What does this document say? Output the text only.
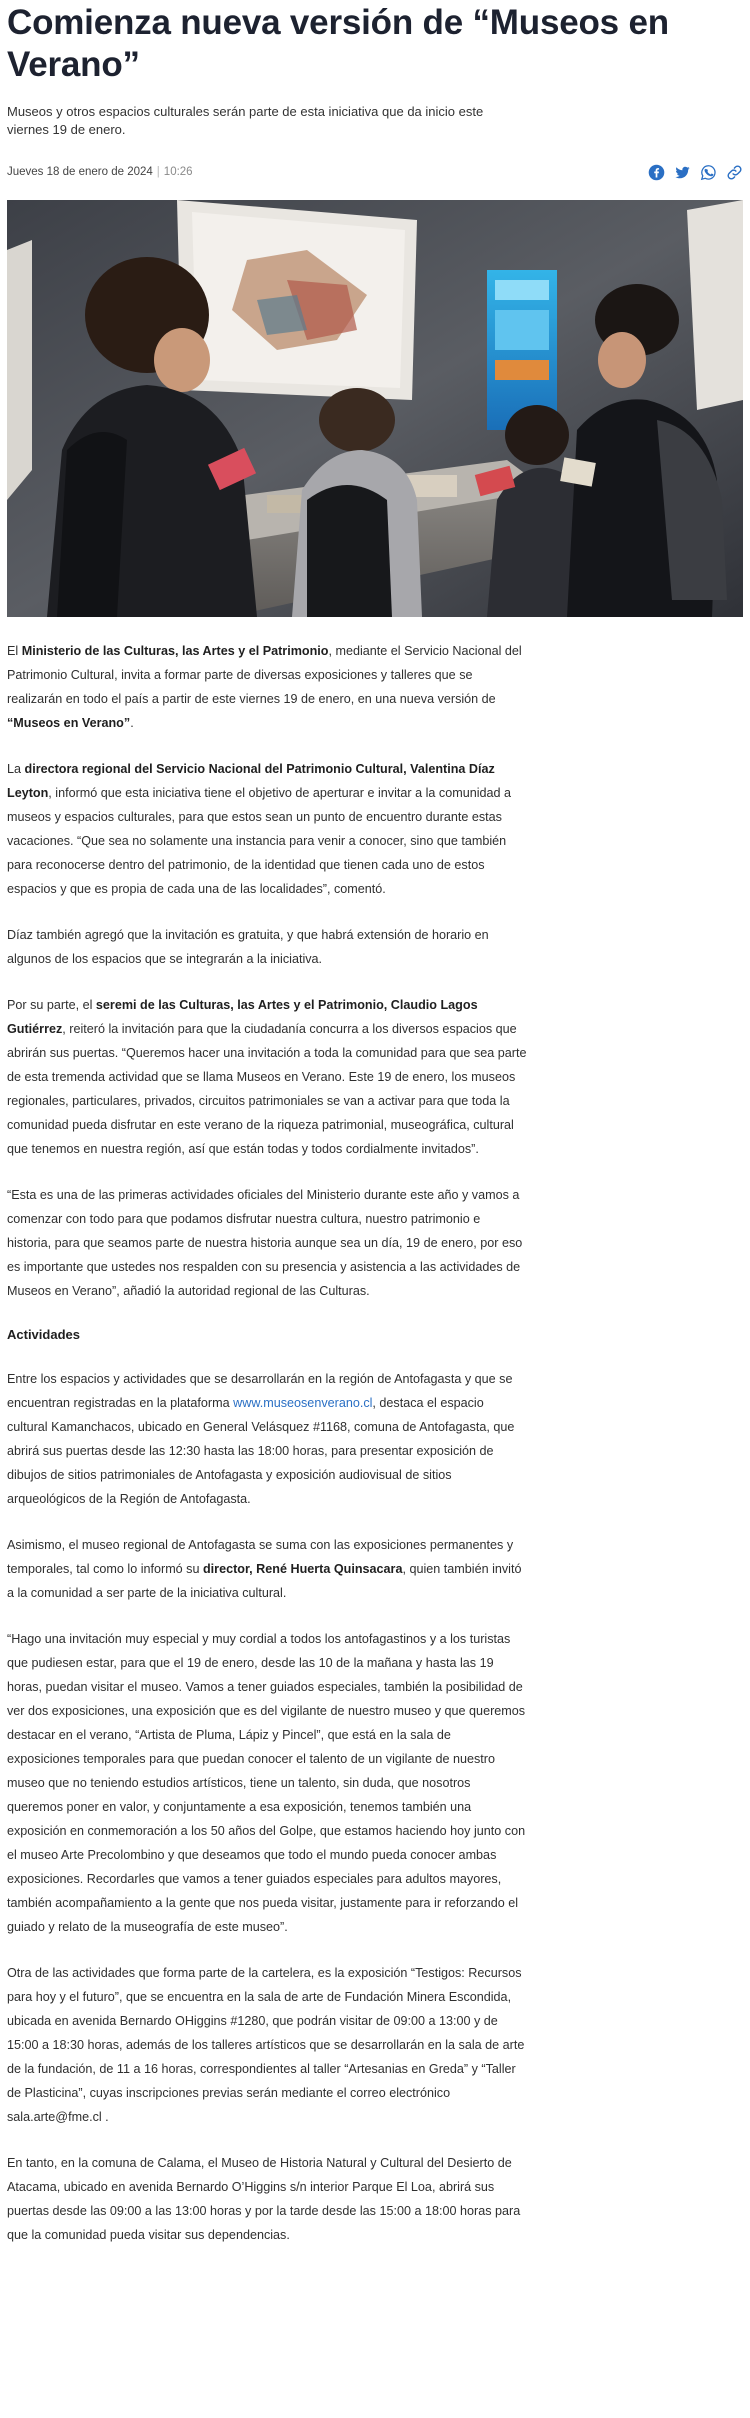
Comienza nueva versión de “Museos en Verano”

Museos y otros espacios culturales serán parte de esta iniciativa que da inicio este viernes 19 de enero.

Jueves 18 de enero de 2024 | 10:26

El Ministerio de las Culturas, las Artes y el Patrimonio, mediante el Servicio Nacional del Patrimonio Cultural, invita a formar parte de diversas exposiciones y talleres que se realizarán en todo el país a partir de este viernes 19 de enero, en una nueva versión de “Museos en Verano”.

La directora regional del Servicio Nacional del Patrimonio Cultural, Valentina Díaz Leyton, informó que esta iniciativa tiene el objetivo de aperturar e invitar a la comunidad a museos y espacios culturales, para que estos sean un punto de encuentro durante estas vacaciones. “Que sea no solamente una instancia para venir a conocer, sino que también para reconocerse dentro del patrimonio, de la identidad que tienen cada uno de estos espacios y que es propia de cada una de las localidades”, comentó.

Díaz también agregó que la invitación es gratuita, y que habrá extensión de horario en algunos de los espacios que se integrarán a la iniciativa.

Por su parte, el seremi de las Culturas, las Artes y el Patrimonio, Claudio Lagos Gutiérrez, reiteró la invitación para que la ciudadanía concurra a los diversos espacios que abrirán sus puertas. “Queremos hacer una invitación a toda la comunidad para que sea parte de esta tremenda actividad que se llama Museos en Verano. Este 19 de enero, los museos regionales, particulares, privados, circuitos patrimoniales se van a activar para que toda la comunidad pueda disfrutar en este verano de la riqueza patrimonial, museográfica, cultural que tenemos en nuestra región, así que están todas y todos cordialmente invitados”.

“Esta es una de las primeras actividades oficiales del Ministerio durante este año y vamos a comenzar con todo para que podamos disfrutar nuestra cultura, nuestro patrimonio e historia, para que seamos parte de nuestra historia aunque sea un día, 19 de enero, por eso es importante que ustedes nos respalden con su presencia y asistencia a las actividades de Museos en Verano”, añadió la autoridad regional de las Culturas.

Actividades

Entre los espacios y actividades que se desarrollarán en la región de Antofagasta y que se encuentran registradas en la plataforma www.museosenverano.cl, destaca el espacio cultural Kamanchacos, ubicado en General Velásquez #1168, comuna de Antofagasta, que abrirá sus puertas desde las 12:30 hasta las 18:00 horas, para presentar exposición de dibujos de sitios patrimoniales de Antofagasta y exposición audiovisual de sitios arqueológicos de la Región de Antofagasta.

Asimismo, el museo regional de Antofagasta se suma con las exposiciones permanentes y temporales, tal como lo informó su director, René Huerta Quinsacara, quien también invitó a la comunidad a ser parte de la iniciativa cultural.

“Hago una invitación muy especial y muy cordial a todos los antofagastinos y a los turistas que pudiesen estar, para que el 19 de enero, desde las 10 de la mañana y hasta las 19 horas, puedan visitar el museo. Vamos a tener guiados especiales, también la posibilidad de ver dos exposiciones, una exposición que es del vigilante de nuestro museo y que queremos destacar en el verano, “Artista de Pluma, Lápiz y Pincel”, que está en la sala de exposiciones temporales para que puedan conocer el talento de un vigilante de nuestro museo que no teniendo estudios artísticos, tiene un talento, sin duda, que nosotros queremos poner en valor, y conjuntamente a esa exposición, tenemos también una exposición en conmemoración a los 50 años del Golpe, que estamos haciendo hoy junto con el museo Arte Precolombino y que deseamos que todo el mundo pueda conocer ambas exposiciones. Recordarles que vamos a tener guiados especiales para adultos mayores, también acompañamiento a la gente que nos pueda visitar, justamente para ir reforzando el guiado y relato de la museografía de este museo”.

Otra de las actividades que forma parte de la cartelera, es la exposición “Testigos: Recursos para hoy y el futuro”, que se encuentra en la sala de arte de Fundación Minera Escondida, ubicada en avenida Bernardo OHiggins #1280, que podrán visitar de 09:00 a 13:00 y de 15:00 a 18:30 horas, además de los talleres artísticos que se desarrollarán en la sala de arte de la fundación, de 11 a 16 horas, correspondientes al taller “Artesanias en Greda” y “Taller de Plasticina”, cuyas inscripciones previas serán mediante el correo electrónico sala.arte@fme.cl .

En tanto, en la comuna de Calama, el Museo de Historia Natural y Cultural del Desierto de Atacama, ubicado en avenida Bernardo O’Higgins s/n interior Parque El Loa, abrirá sus puertas desde las 09:00 a las 13:00 horas y por la tarde desde las 15:00 a 18:00 horas para que la comunidad pueda visitar sus dependencias.
